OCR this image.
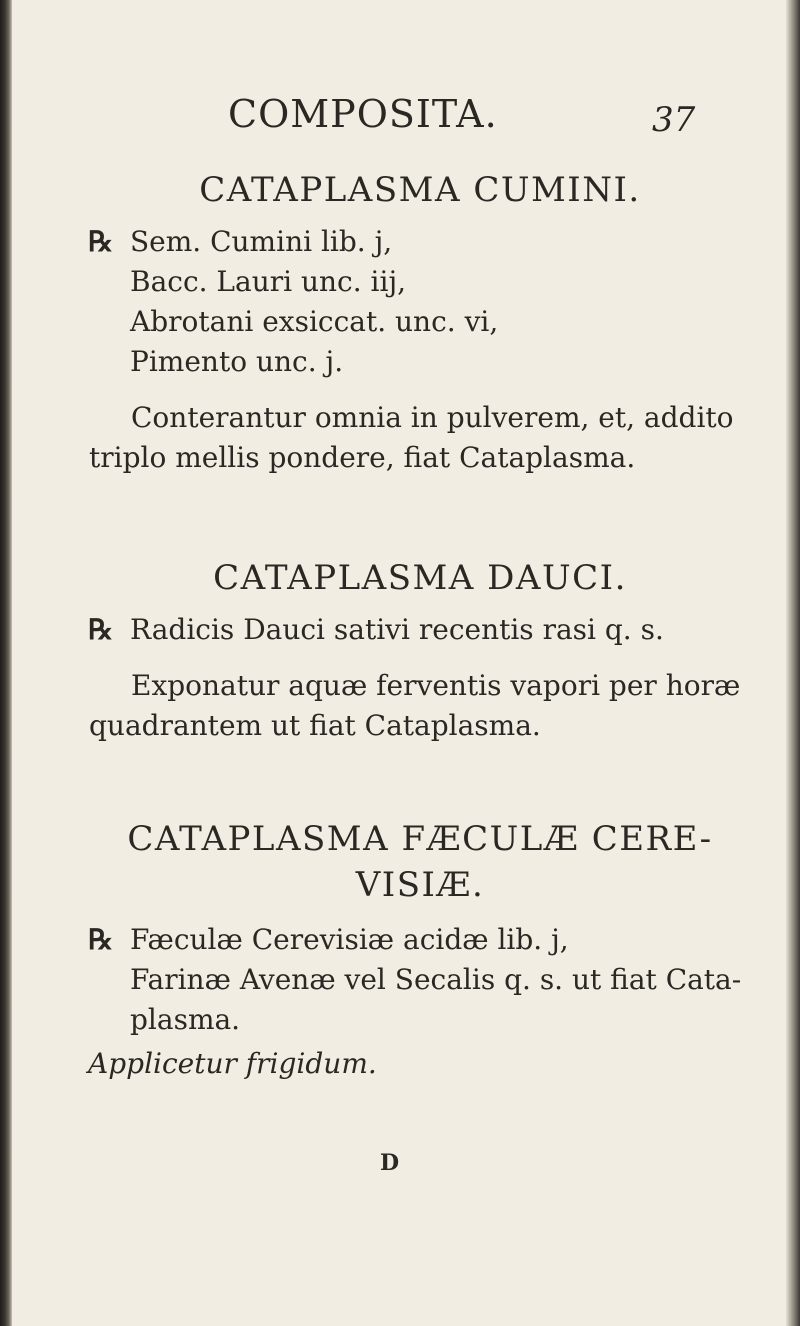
COMPOSITA.	37
CATAPLASMA CUMINI.
℞ Sem. Cumini lib. j,
Bacc. Lauri unc. iij,
Abrotani exsiccat. unc. vi,
Pimento unc. j.
Conterantur omnia in pulverem, et, addito
triplo mellis pondere, fiat Cataplasma.
CATAPLASMA DAUCI.
℞ Radicis Dauci sativi recentis rasi q. s.
Exponatur aquæ ferventis vapori per horæ
quadrantem ut fiat Cataplasma.
CATAPLASMA FÆCULÆ CERE-
VISIÆ.
℞ Fæculæ Cerevisiæ acidæ lib. j,
Farinæ Avenæ vel Secalis q. s. ut fiat Cata-
plasma.
Applicetur frigidum.
D
